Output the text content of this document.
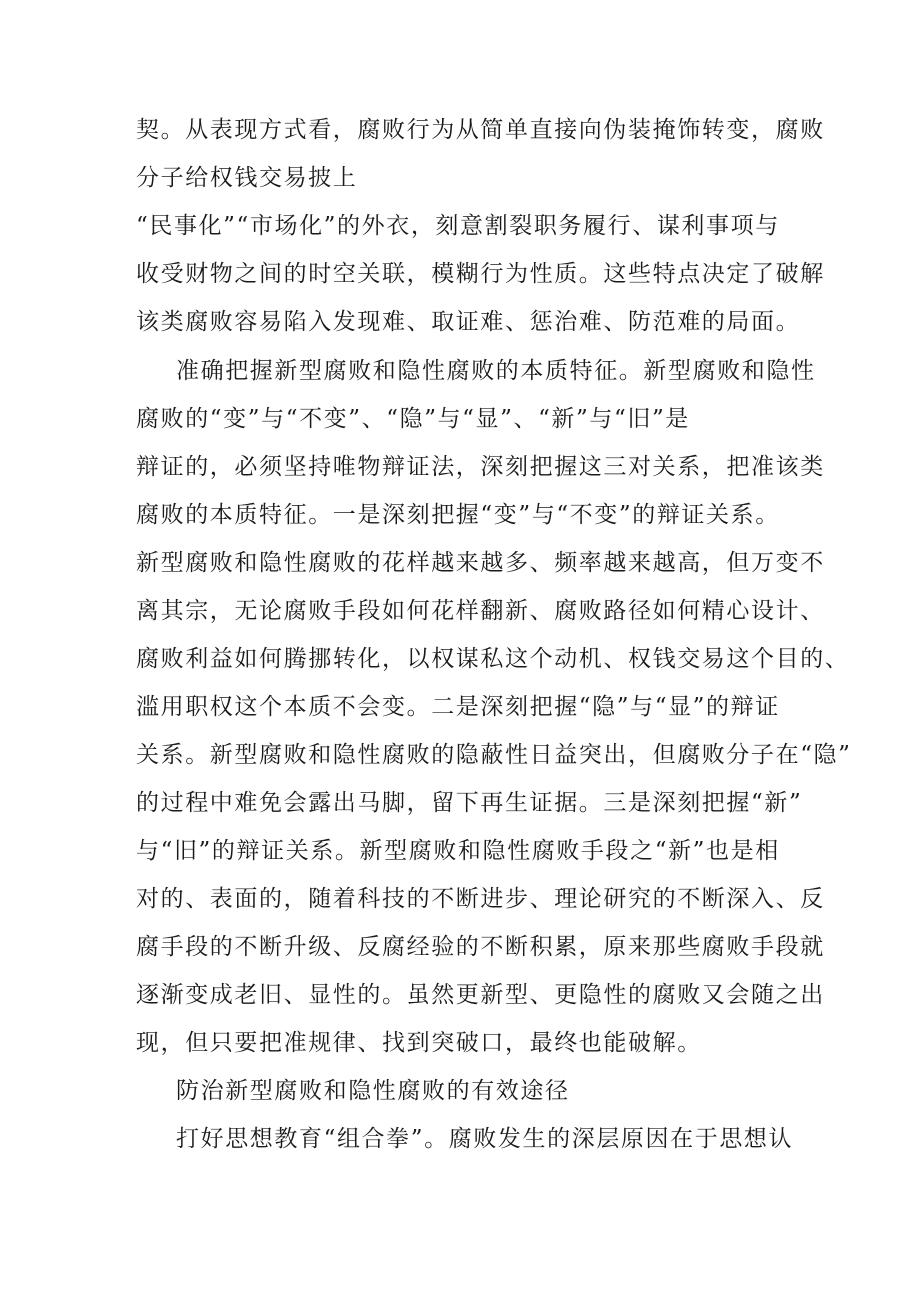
契。从表现方式看，腐败行为从简单直接向伪装掩饰转变，腐败
分子给权钱交易披上
“民事化”“市场化”的外衣，刻意割裂职务履行、谋利事项与
收受财物之间的时空关联，模糊行为性质。这些特点决定了破解
该类腐败容易陷入发现难、取证难、惩治难、防范难的局面。
准确把握新型腐败和隐性腐败的本质特征。新型腐败和隐性
腐败的“变”与“不变”、“隐”与“显”、“新”与“旧”是
辩证的，必须坚持唯物辩证法，深刻把握这三对关系，把准该类
腐败的本质特征。一是深刻把握“变”与“不变”的辩证关系。
新型腐败和隐性腐败的花样越来越多、频率越来越高，但万变不
离其宗，无论腐败手段如何花样翻新、腐败路径如何精心设计、
腐败利益如何腾挪转化，以权谋私这个动机、权钱交易这个目的、
滥用职权这个本质不会变。二是深刻把握“隐”与“显”的辩证
关系。新型腐败和隐性腐败的隐蔽性日益突出，但腐败分子在“隐”
的过程中难免会露出马脚，留下再生证据。三是深刻把握“新”
与“旧”的辩证关系。新型腐败和隐性腐败手段之“新”也是相
对的、表面的，随着科技的不断进步、理论研究的不断深入、反
腐手段的不断升级、反腐经验的不断积累，原来那些腐败手段就
逐渐变成老旧、显性的。虽然更新型、更隐性的腐败又会随之出
现，但只要把准规律、找到突破口，最终也能破解。
防治新型腐败和隐性腐败的有效途径
打好思想教育“组合拳”。腐败发生的深层原因在于思想认
